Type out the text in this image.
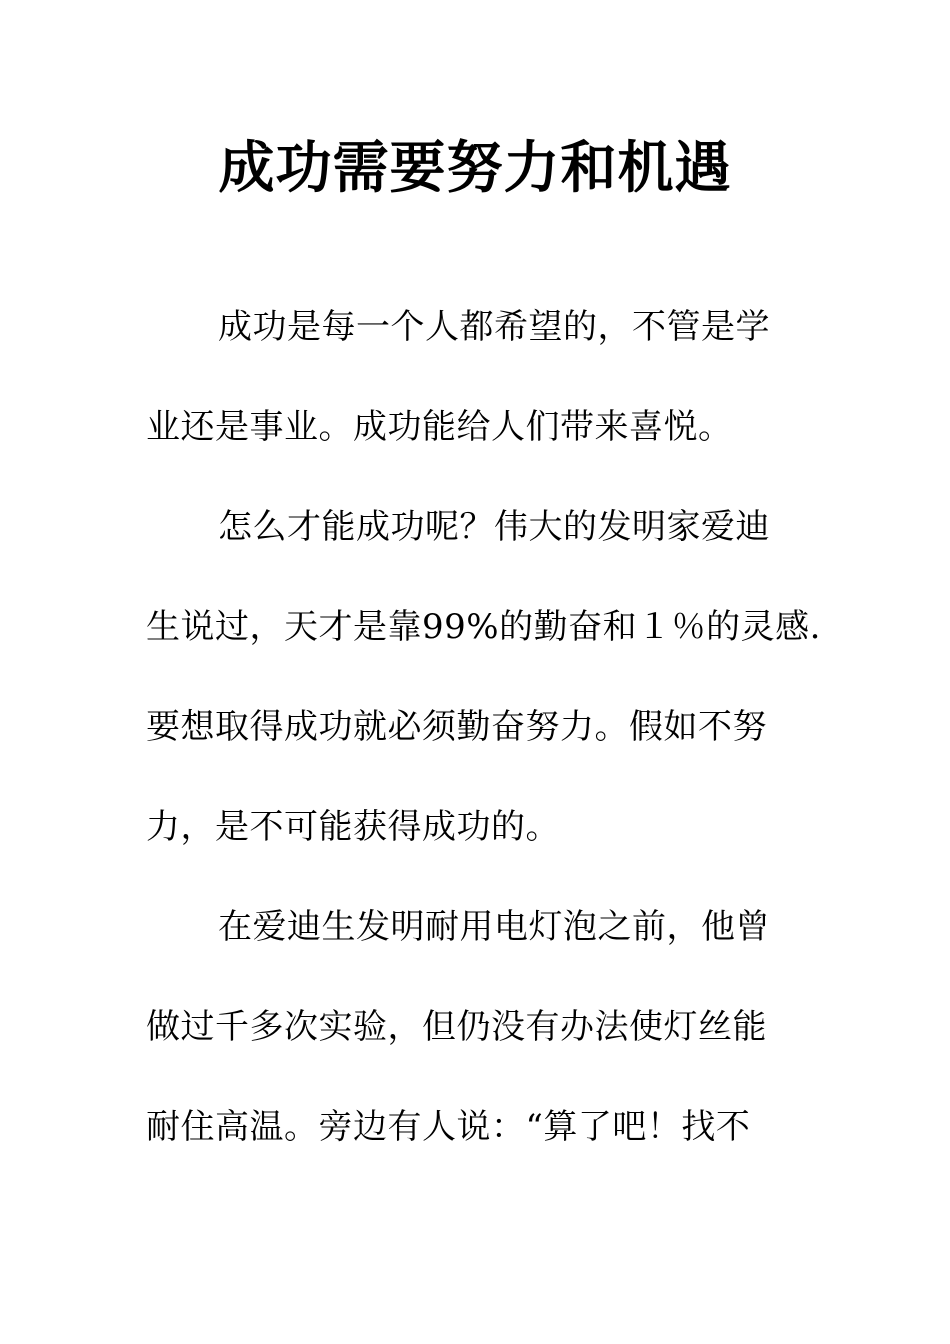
成功需要努力和机遇

成功是每一个人都希望的，不管是学

业还是事业。成功能给人们带来喜悦。

怎么才能成功呢？伟大的发明家爱迪

生说过，天才是靠99%的勤奋和１％的灵感.

要想取得成功就必须勤奋努力。假如不努

力，是不可能获得成功的。

在爱迪生发明耐用电灯泡之前，他曾

做过千多次实验，但仍没有办法使灯丝能

耐住高温。旁边有人说：“算了吧！找不
